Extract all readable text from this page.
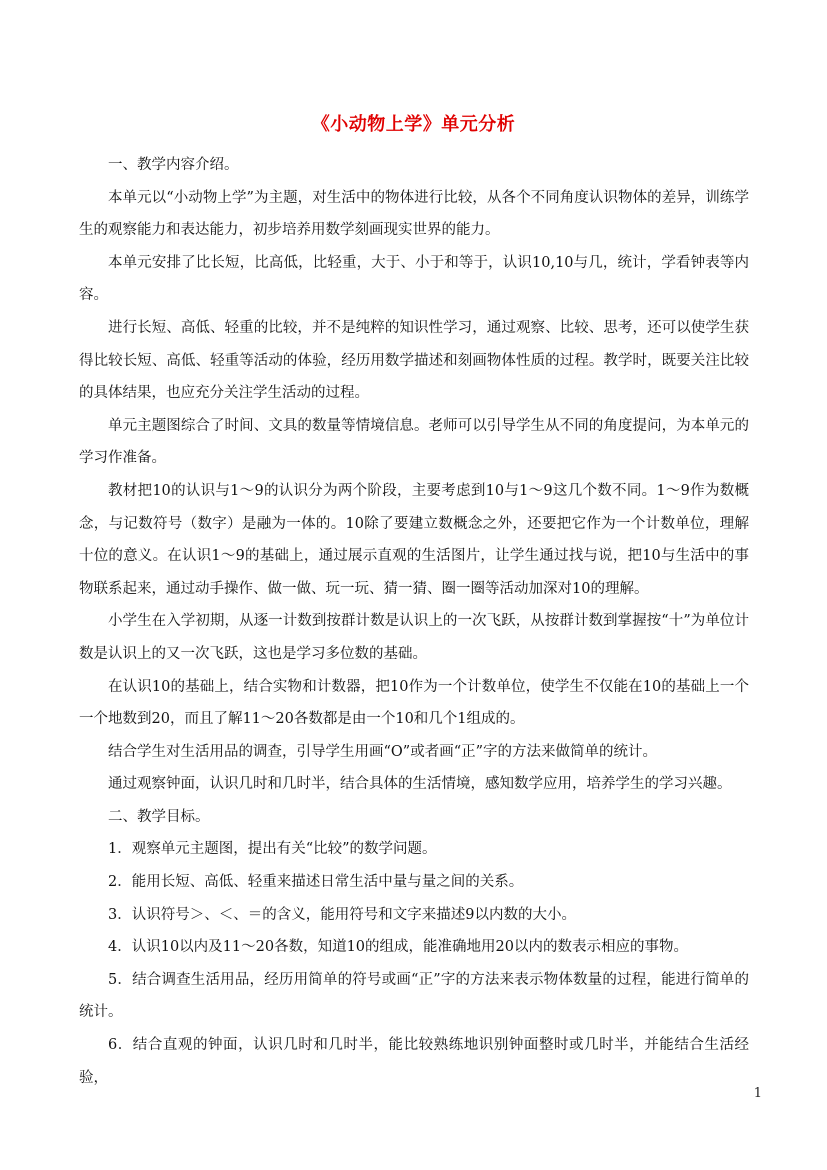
《小动物上学》单元分析

一、教学内容介绍。

本单元以“小动物上学”为主题，对生活中的物体进行比较，从各个不同角度认识物体的差异，训练学生的观察能力和表达能力，初步培养用数学刻画现实世界的能力。

本单元安排了比长短，比高低，比轻重，大于、小于和等于，认识10,10与几，统计，学看钟表等内容。

进行长短、高低、轻重的比较，并不是纯粹的知识性学习，通过观察、比较、思考，还可以使学生获得比较长短、高低、轻重等活动的体验，经历用数学描述和刻画物体性质的过程。教学时，既要关注比较的具体结果，也应充分关注学生活动的过程。

单元主题图综合了时间、文具的数量等情境信息。老师可以引导学生从不同的角度提问，为本单元的学习作准备。

教材把10的认识与1～9的认识分为两个阶段，主要考虑到10与1～9这几个数不同。1～9作为数概念，与记数符号（数字）是融为一体的。10除了要建立数概念之外，还要把它作为一个计数单位，理解十位的意义。在认识1～9的基础上，通过展示直观的生活图片，让学生通过找与说，把10与生活中的事物联系起来，通过动手操作、做一做、玩一玩、猜一猜、圈一圈等活动加深对10的理解。

小学生在入学初期，从逐一计数到按群计数是认识上的一次飞跃，从按群计数到掌握按“十”为单位计数是认识上的又一次飞跃，这也是学习多位数的基础。

在认识10的基础上，结合实物和计数器，把10作为一个计数单位，使学生不仅能在10的基础上一个一个地数到20，而且了解11～20各数都是由一个10和几个1组成的。

结合学生对生活用品的调查，引导学生用画“O”或者画“正”字的方法来做简单的统计。

通过观察钟面，认识几时和几时半，结合具体的生活情境，感知数学应用，培养学生的学习兴趣。

二、教学目标。

1．观察单元主题图，提出有关“比较”的数学问题。

2．能用长短、高低、轻重来描述日常生活中量与量之间的关系。

3．认识符号＞、＜、＝的含义，能用符号和文字来描述9以内数的大小。

4．认识10以内及11～20各数，知道10的组成，能准确地用20以内的数表示相应的事物。

5．结合调查生活用品，经历用简单的符号或画“正”字的方法来表示物体数量的过程，能进行简单的统计。

6．结合直观的钟面，认识几时和几时半，能比较熟练地识别钟面整时或几时半，并能结合生活经验，

1
